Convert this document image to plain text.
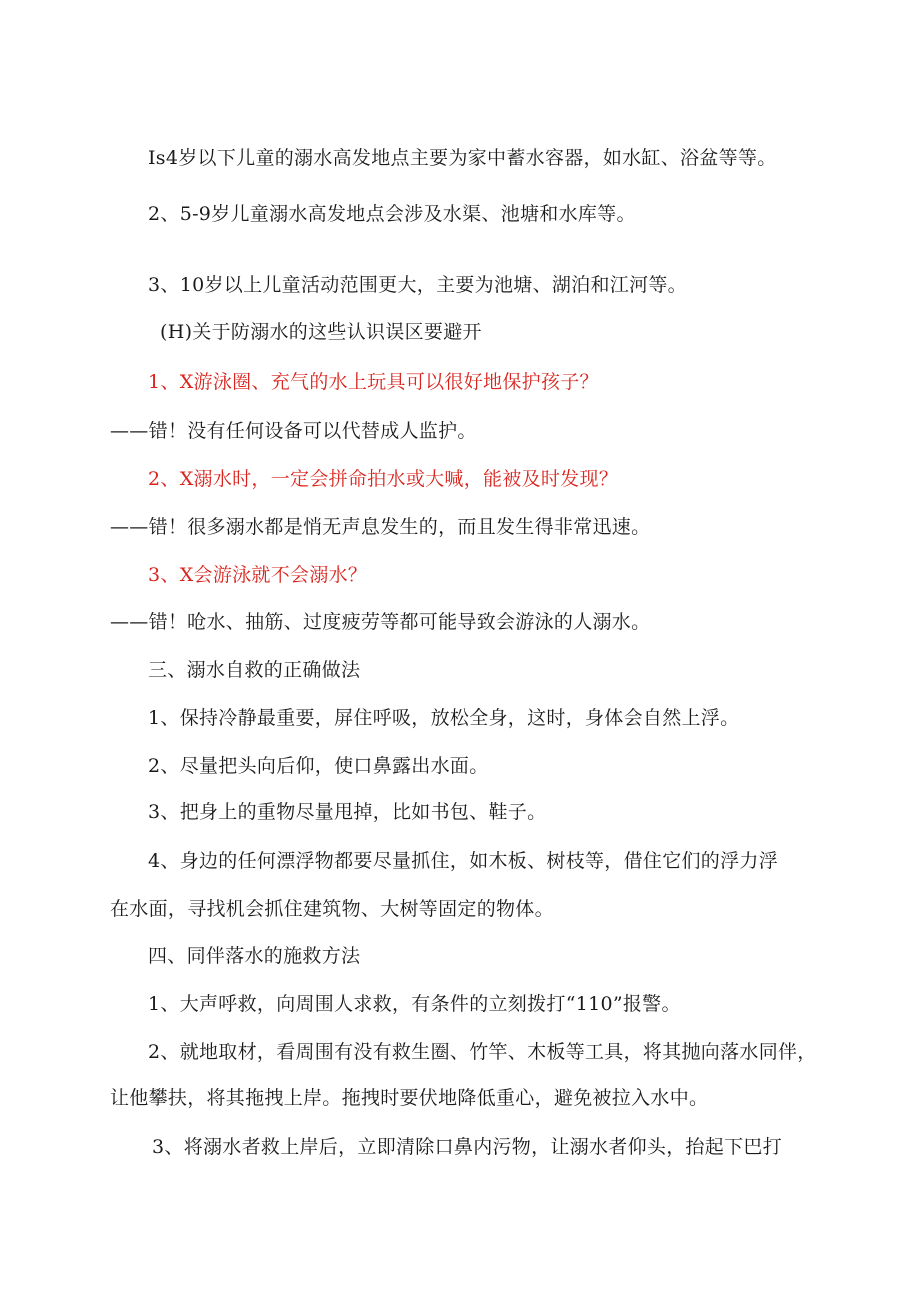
Is4岁以下儿童的溺水高发地点主要为家中蓄水容器，如水缸、浴盆等等。

2、5-9岁儿童溺水高发地点会涉及水渠、池塘和水库等。

3、10岁以上儿童活动范围更大，主要为池塘、湖泊和江河等。

(H)关于防溺水的这些认识误区要避开

1、X游泳圈、充气的水上玩具可以很好地保护孩子？

——错！没有任何设备可以代替成人监护。

2、X溺水时，一定会拼命拍水或大喊，能被及时发现？

——错！很多溺水都是悄无声息发生的，而且发生得非常迅速。

3、X会游泳就不会溺水？

——错！呛水、抽筋、过度疲劳等都可能导致会游泳的人溺水。

三、溺水自救的正确做法

1、保持冷静最重要，屏住呼吸，放松全身，这时，身体会自然上浮。

2、尽量把头向后仰，使口鼻露出水面。

3、把身上的重物尽量甩掉，比如书包、鞋子。

4、身边的任何漂浮物都要尽量抓住，如木板、树枝等，借住它们的浮力浮

在水面，寻找机会抓住建筑物、大树等固定的物体。

四、同伴落水的施救方法

1、大声呼救，向周围人求救，有条件的立刻拨打“110”报警。

2、就地取材，看周围有没有救生圈、竹竿、木板等工具，将其抛向落水同伴，

让他攀扶，将其拖拽上岸。拖拽时要伏地降低重心，避免被拉入水中。

3、将溺水者救上岸后，立即清除口鼻内污物，让溺水者仰头，抬起下巴打
